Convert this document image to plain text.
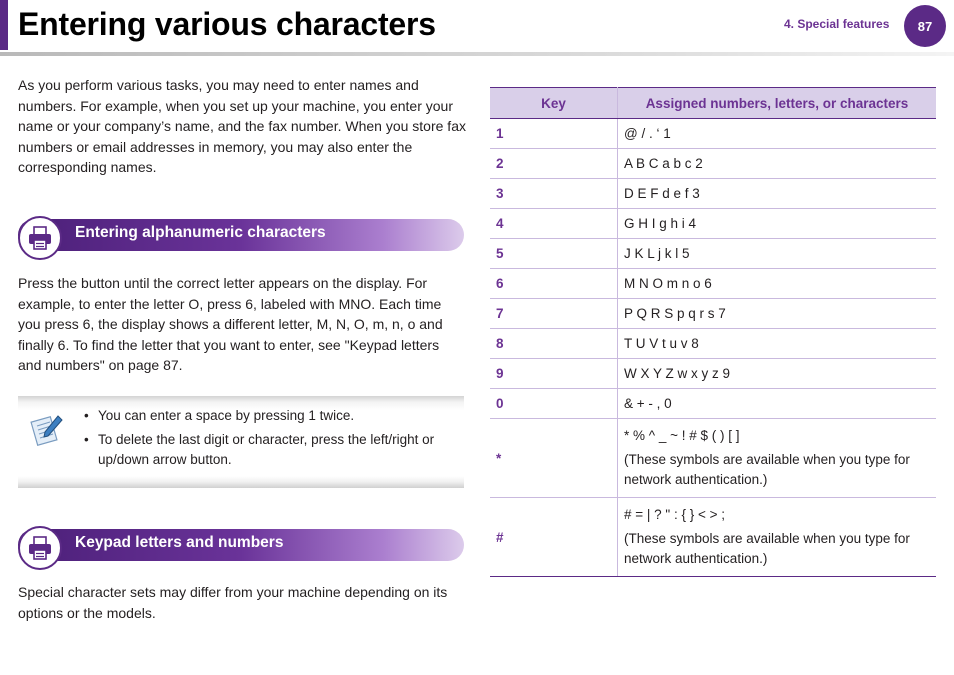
Entering various characters	4. Special features	87

As you perform various tasks, you may need to enter names and numbers. For example, when you set up your machine, you enter your name or your company’s name, and the fax number. When you store fax numbers or email addresses in memory, you may also enter the corresponding names.

Entering alphanumeric characters

Press the button until the correct letter appears on the display. For example, to enter the letter O, press 6, labeled with MNO. Each time you press 6, the display shows a different letter, M, N, O, m, n, o and finally 6. To find the letter that you want to enter, see "Keypad letters and numbers" on page 87.

• You can enter a space by pressing 1 twice.
• To delete the last digit or character, press the left/right or up/down arrow button.
Keypad letters and numbers

Special character sets may differ from your machine depending on its options or the models.

Key	Assigned numbers, letters, or characters
1	@ / . ‘ 1
2	A B C a b c 2
3	D E F d e f 3
4	G H I g h i 4
5	J K L j k l 5
6	M N O m n o 6
7	P Q R S p q r s 7
8	T U V t u v 8
9	W X Y Z w x y z 9
0	& + - , 0
*	* % ^ _ ~ ! # $ ( ) [ ]
(These symbols are available when you type for network authentication.)

#	# = | ? " : { } < > ;
(These symbols are available when you type for network authentication.)
